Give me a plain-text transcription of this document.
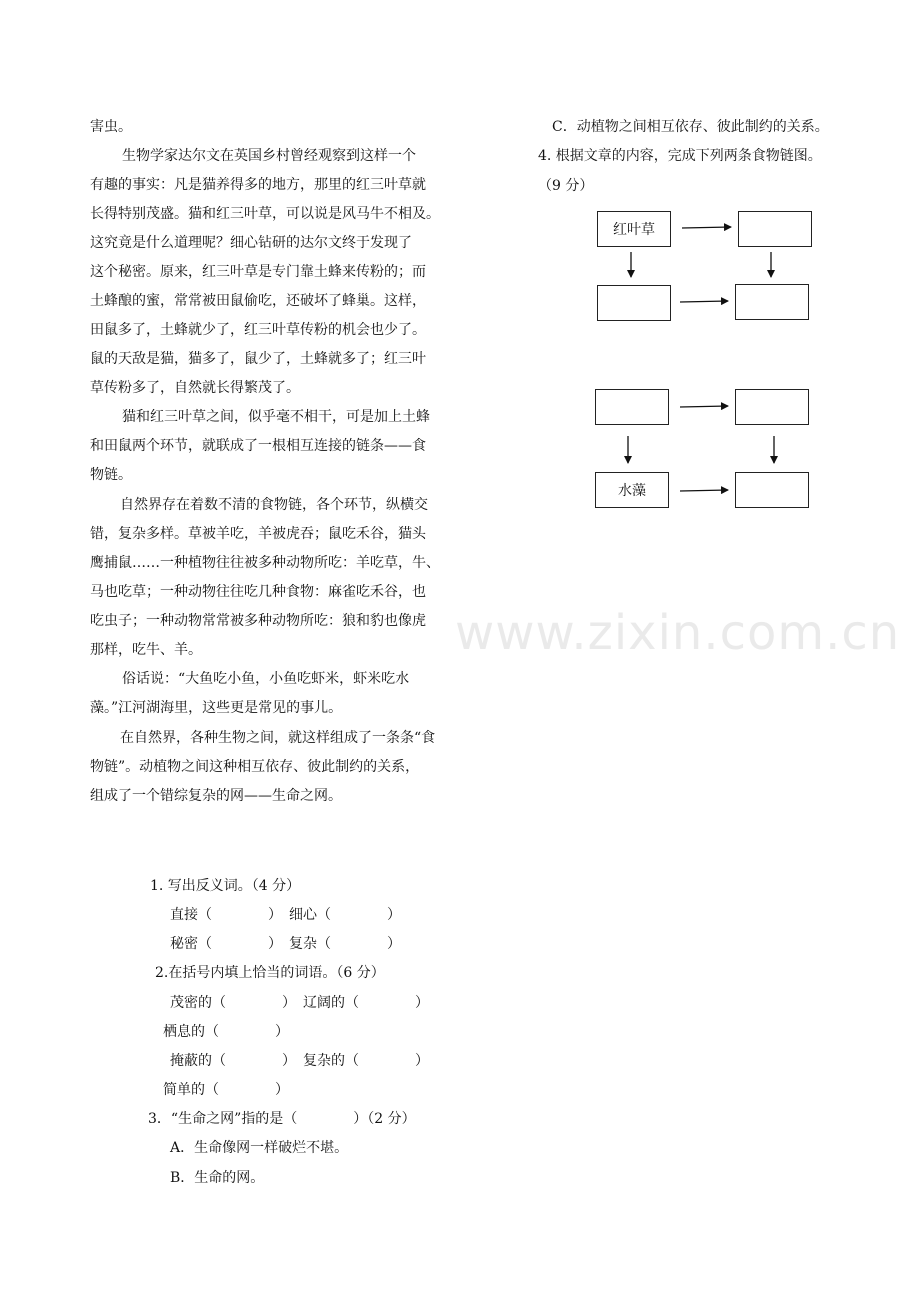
害虫。
生物学家达尔文在英国乡村曾经观察到这样一个
有趣的事实：凡是猫养得多的地方，那里的红三叶草就
长得特别茂盛。猫和红三叶草，可以说是风马牛不相及。
这究竟是什么道理呢？细心钻研的达尔文终于发现了
这个秘密。原来，红三叶草是专门靠土蜂来传粉的；而
土蜂酿的蜜，常常被田鼠偷吃，还破坏了蜂巢。这样，
田鼠多了，土蜂就少了，红三叶草传粉的机会也少了。
鼠的天敌是猫，猫多了，鼠少了，土蜂就多了；红三叶
草传粉多了，自然就长得繁茂了。
猫和红三叶草之间，似乎毫不相干，可是加上土蜂
和田鼠两个环节，就联成了一根相互连接的链条——食
物链。
自然界存在着数不清的食物链，各个环节，纵横交
错，复杂多样。草被羊吃，羊被虎吞；鼠吃禾谷，猫头
鹰捕鼠……一种植物往往被多种动物所吃：羊吃草，牛、
马也吃草；一种动物往往吃几种食物：麻雀吃禾谷，也
吃虫子；一种动物常常被多种动物所吃：狼和豹也像虎
那样，吃牛、羊。
俗话说：“大鱼吃小鱼，小鱼吃虾米，虾米吃水
藻。”江河湖海里，这些更是常见的事儿。
在自然界，各种生物之间，就这样组成了一条条“食
物链”。动植物之间这种相互依存、彼此制约的关系，
组成了一个错综复杂的网——生命之网。
1. 写出反义词。（4 分）
直接（　　　　）　细心（　　　　）
秘密（　　　　）　复杂（　　　　）
2.在括号内填上恰当的词语。（6 分）
茂密的（　　　　）　辽阔的（　　　　）
栖息的（　　　　）
掩蔽的（　　　　）　复杂的（　　　　）
简单的（　　　　）
3．“生命之网”指的是（　　　　）（2 分）
A．生命像网一样破烂不堪。
B．生命的网。
C．动植物之间相互依存、彼此制约的关系。
4. 根据文章的内容，完成下列两条食物链图。
（9 分）
红叶草
水藻
www.zixin.com.cn
